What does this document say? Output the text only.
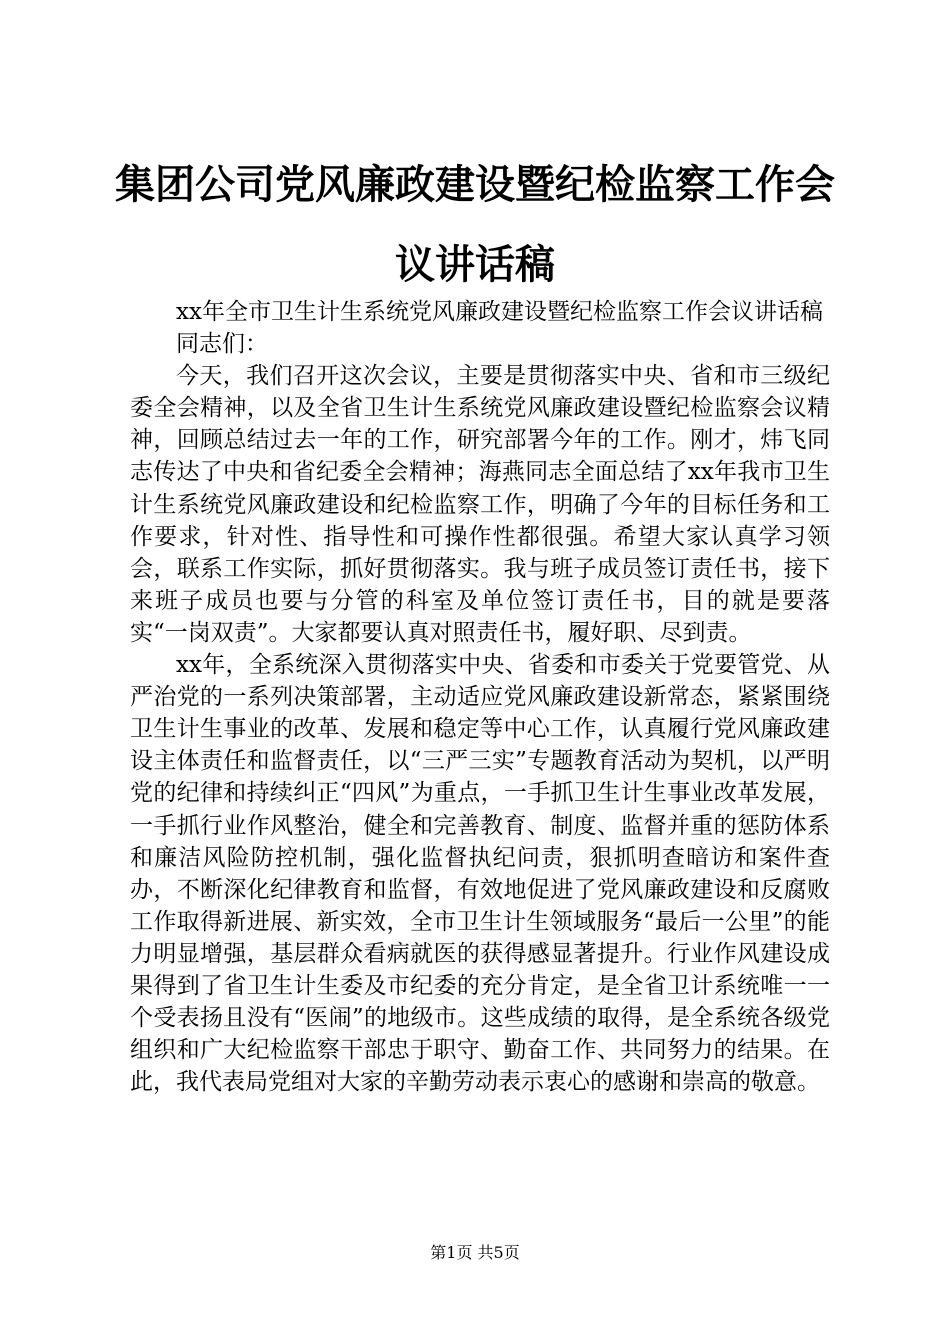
集团公司党风廉政建设暨纪检监察工作会议讲话稿

xx年全市卫生计生系统党风廉政建设暨纪检监察工作会议讲话稿

同志们：

今天，我们召开这次会议，主要是贯彻落实中央、省和市三级纪委全会精神，以及全省卫生计生系统党风廉政建设暨纪检监察会议精神，回顾总结过去一年的工作，研究部署今年的工作。刚才，炜飞同志传达了中央和省纪委全会精神；海燕同志全面总结了xx年我市卫生计生系统党风廉政建设和纪检监察工作，明确了今年的目标任务和工作要求，针对性、指导性和可操作性都很强。希望大家认真学习领会，联系工作实际，抓好贯彻落实。我与班子成员签订责任书，接下来班子成员也要与分管的科室及单位签订责任书，目的就是要落实“一岗双责”。大家都要认真对照责任书，履好职、尽到责。

xx年，全系统深入贯彻落实中央、省委和市委关于党要管党、从严治党的一系列决策部署，主动适应党风廉政建设新常态，紧紧围绕卫生计生事业的改革、发展和稳定等中心工作，认真履行党风廉政建设主体责任和监督责任，以“三严三实”专题教育活动为契机，以严明党的纪律和持续纠正“四风”为重点，一手抓卫生计生事业改革发展，一手抓行业作风整治，健全和完善教育、制度、监督并重的惩防体系和廉洁风险防控机制，强化监督执纪问责，狠抓明查暗访和案件查办，不断深化纪律教育和监督，有效地促进了党风廉政建设和反腐败工作取得新进展、新实效，全市卫生计生领域服务“最后一公里”的能力明显增强，基层群众看病就医的获得感显著提升。行业作风建设成果得到了省卫生计生委及市纪委的充分肯定，是全省卫计系统唯一一个受表扬且没有“医闹”的地级市。这些成绩的取得，是全系统各级党组织和广大纪检监察干部忠于职守、勤奋工作、共同努力的结果。在此，我代表局党组对大家的辛勤劳动表示衷心的感谢和崇高的敬意。

第1页 共5页
